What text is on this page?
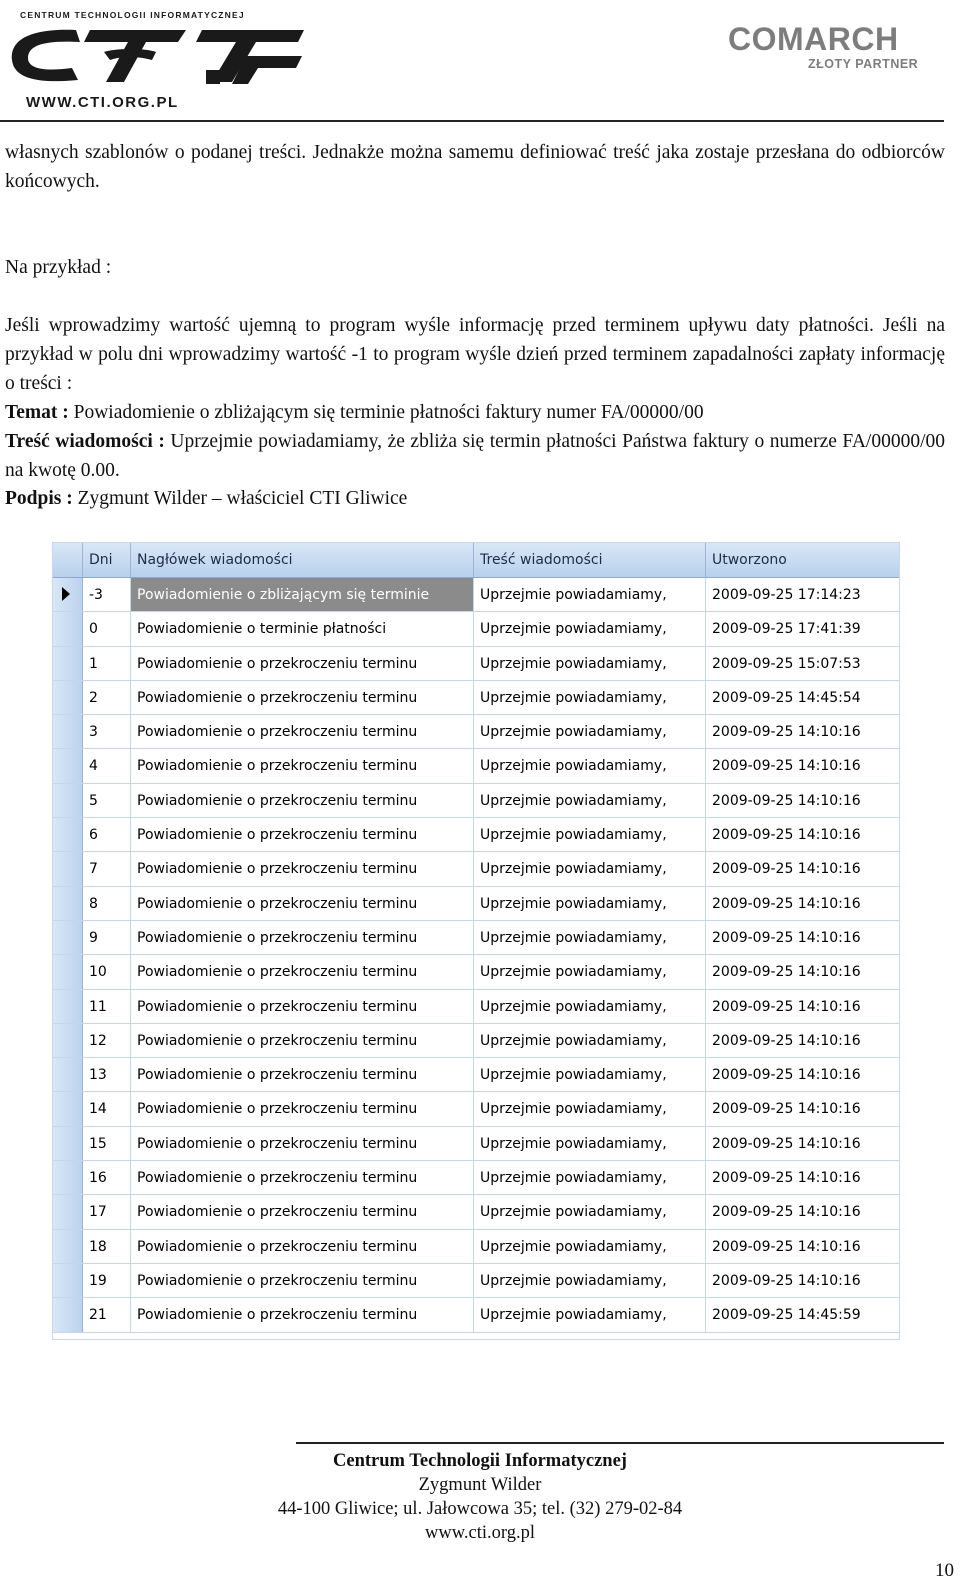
CENTRUM TECHNOLOGII INFORMATYCZNEJ
WWW.CTI.ORG.PL
COMARCH
ZŁOTY PARTNER
własnych szablonów o podanej treści. Jednakże można samemu definiować treść jaka zostaje przesłana do odbiorców końcowych.
Na przykład :
Jeśli wprowadzimy wartość ujemną to program wyśle informację przed terminem upływu daty płatności. Jeśli na przykład w polu dni wprowadzimy wartość -1 to program wyśle dzień przed terminem zapadalności zapłaty informację o treści :
Temat : Powiadomienie o zbliżającym się terminie płatności faktury numer FA/00000/00
Treść wiadomości : Uprzejmie powiadamiamy, że zbliża się termin płatności Państwa faktury o numerze FA/00000/00 na kwotę 0.00.
Podpis : Zygmunt Wilder – właściciel CTI Gliwice
Dni	Nagłówek wiadomości	Treść wiadomości	Utworzono
-3	Powiadomienie o zbliżającym się terminie	Uprzejmie powiadamiamy,	2009-09-25 17:14:23
0	Powiadomienie o terminie płatności	Uprzejmie powiadamiamy,	2009-09-25 17:41:39
1	Powiadomienie o przekroczeniu terminu	Uprzejmie powiadamiamy,	2009-09-25 15:07:53
2	Powiadomienie o przekroczeniu terminu	Uprzejmie powiadamiamy,	2009-09-25 14:45:54
3	Powiadomienie o przekroczeniu terminu	Uprzejmie powiadamiamy,	2009-09-25 14:10:16
4	Powiadomienie o przekroczeniu terminu	Uprzejmie powiadamiamy,	2009-09-25 14:10:16
5	Powiadomienie o przekroczeniu terminu	Uprzejmie powiadamiamy,	2009-09-25 14:10:16
6	Powiadomienie o przekroczeniu terminu	Uprzejmie powiadamiamy,	2009-09-25 14:10:16
7	Powiadomienie o przekroczeniu terminu	Uprzejmie powiadamiamy,	2009-09-25 14:10:16
8	Powiadomienie o przekroczeniu terminu	Uprzejmie powiadamiamy,	2009-09-25 14:10:16
9	Powiadomienie o przekroczeniu terminu	Uprzejmie powiadamiamy,	2009-09-25 14:10:16
10	Powiadomienie o przekroczeniu terminu	Uprzejmie powiadamiamy,	2009-09-25 14:10:16
11	Powiadomienie o przekroczeniu terminu	Uprzejmie powiadamiamy,	2009-09-25 14:10:16
12	Powiadomienie o przekroczeniu terminu	Uprzejmie powiadamiamy,	2009-09-25 14:10:16
13	Powiadomienie o przekroczeniu terminu	Uprzejmie powiadamiamy,	2009-09-25 14:10:16
14	Powiadomienie o przekroczeniu terminu	Uprzejmie powiadamiamy,	2009-09-25 14:10:16
15	Powiadomienie o przekroczeniu terminu	Uprzejmie powiadamiamy,	2009-09-25 14:10:16
16	Powiadomienie o przekroczeniu terminu	Uprzejmie powiadamiamy,	2009-09-25 14:10:16
17	Powiadomienie o przekroczeniu terminu	Uprzejmie powiadamiamy,	2009-09-25 14:10:16
18	Powiadomienie o przekroczeniu terminu	Uprzejmie powiadamiamy,	2009-09-25 14:10:16
19	Powiadomienie o przekroczeniu terminu	Uprzejmie powiadamiamy,	2009-09-25 14:10:16
21	Powiadomienie o przekroczeniu terminu	Uprzejmie powiadamiamy,	2009-09-25 14:45:59
Centrum Technologii Informatycznej
Zygmunt Wilder
44-100 Gliwice; ul. Jałowcowa 35; tel. (32) 279-02-84
www.cti.org.pl
10
